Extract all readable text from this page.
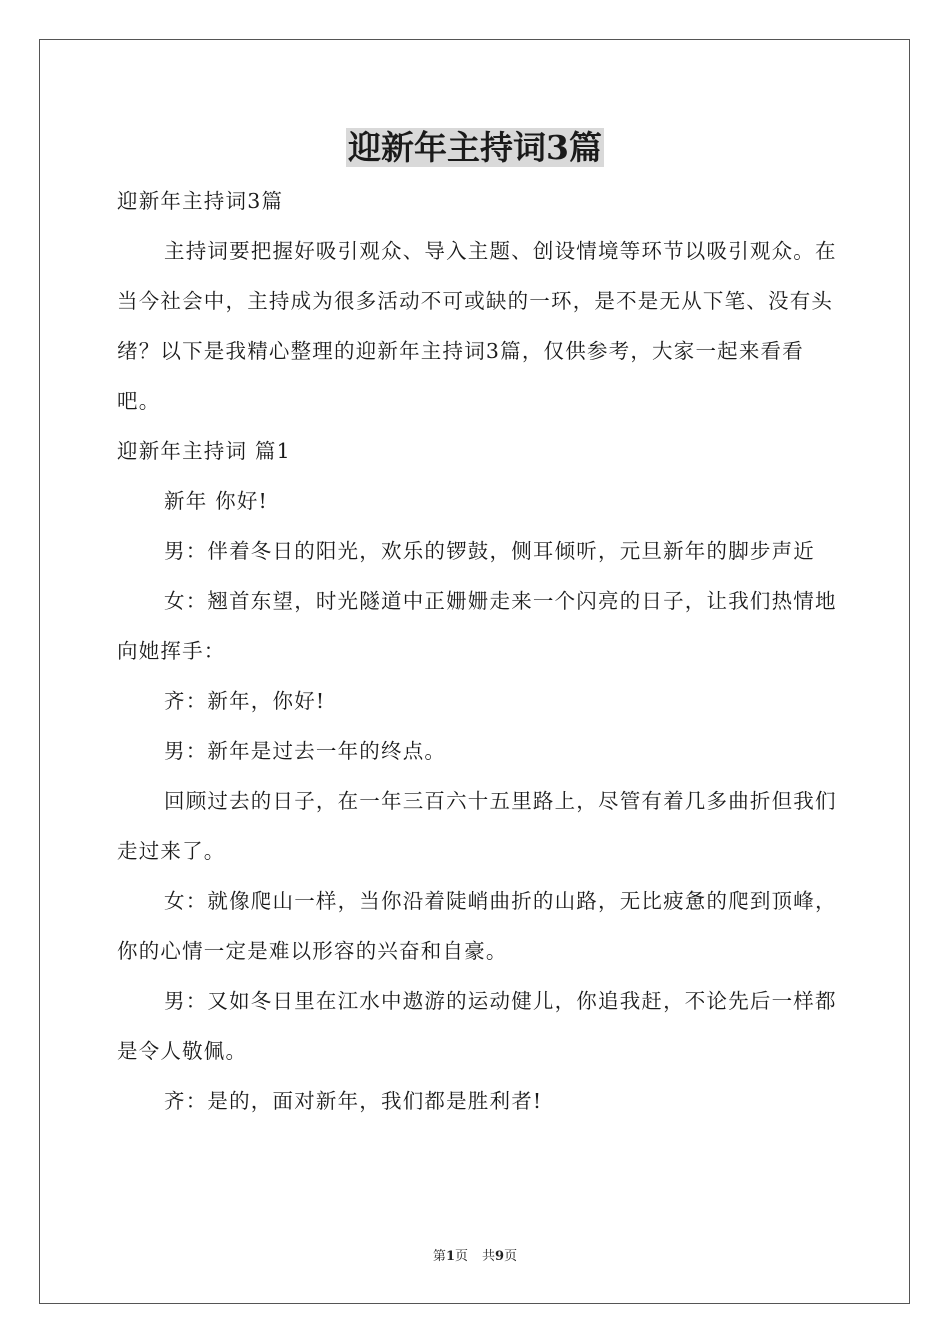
迎新年主持词3篇

迎新年主持词3篇

主持词要把握好吸引观众、导入主题、创设情境等环节以吸引观众。在当今社会中，主持成为很多活动不可或缺的一环，是不是无从下笔、没有头绪？以下是我精心整理的迎新年主持词3篇，仅供参考，大家一起来看看吧。

迎新年主持词 篇1

新年 你好!

男：伴着冬日的阳光，欢乐的锣鼓，侧耳倾听，元旦新年的脚步声近

女：翘首东望，时光隧道中正姗姗走来一个闪亮的日子，让我们热情地向她挥手：

齐：新年，你好!

男：新年是过去一年的终点。

回顾过去的日子，在一年三百六十五里路上，尽管有着几多曲折但我们走过来了。

女：就像爬山一样，当你沿着陡峭曲折的山路，无比疲惫的爬到顶峰，你的心情一定是难以形容的兴奋和自豪。

男：又如冬日里在江水中遨游的运动健儿，你追我赶，不论先后一样都是令人敬佩。

齐：是的，面对新年，我们都是胜利者!

第1页 共9页
